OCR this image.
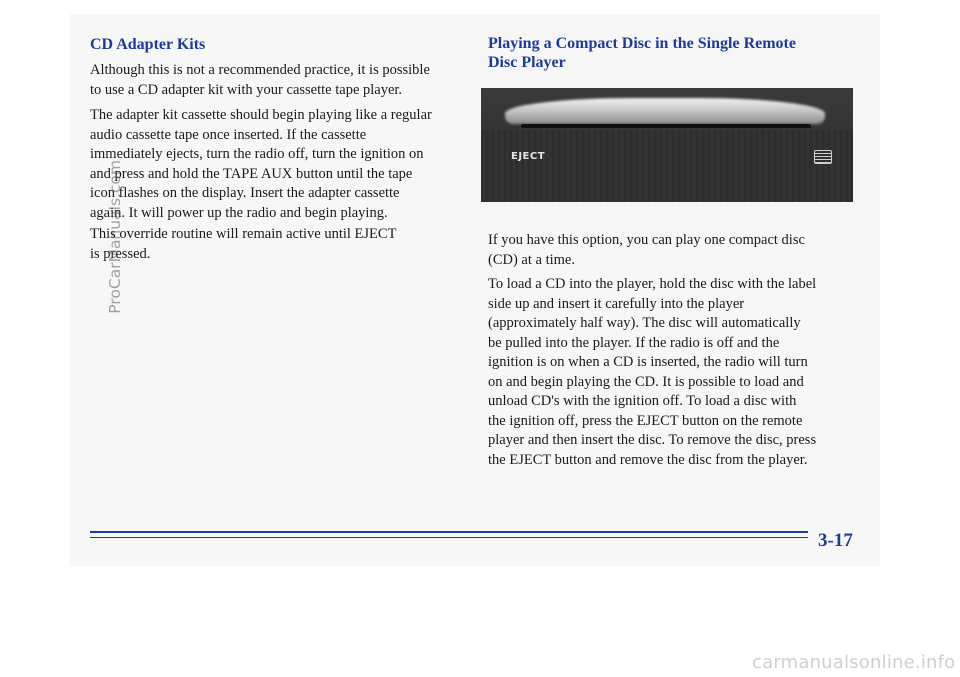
CD Adapter Kits

Although this is not a recommended practice, it is possible
to use a CD adapter kit with your cassette tape player.

The adapter kit cassette should begin playing like a regular
audio cassette tape once inserted. If the cassette
immediately ejects, turn the radio off, turn the ignition on
and press and hold the TAPE AUX button until the tape
icon flashes on the display. Insert the adapter cassette
again. It will power up the radio and begin playing.

This override routine will remain active until EJECT
is pressed.

Playing a Compact Disc in the Single Remote
Disc Player
EJECT

If you have this option, you can play one compact disc
(CD) at a time.

To load a CD into the player, hold the disc with the label
side up and insert it carefully into the player
(approximately half way). The disc will automatically
be pulled into the player. If the radio is off and the
ignition is on when a CD is inserted, the radio will turn
on and begin playing the CD. It is possible to load and
unload CD's with the ignition off. To load a disc with
the ignition off, press the EJECT button on the remote
player and then insert the disc. To remove the disc, press
the EJECT button and remove the disc from the player.

3-17

ProCarManuals.com

carmanualsonline.info
